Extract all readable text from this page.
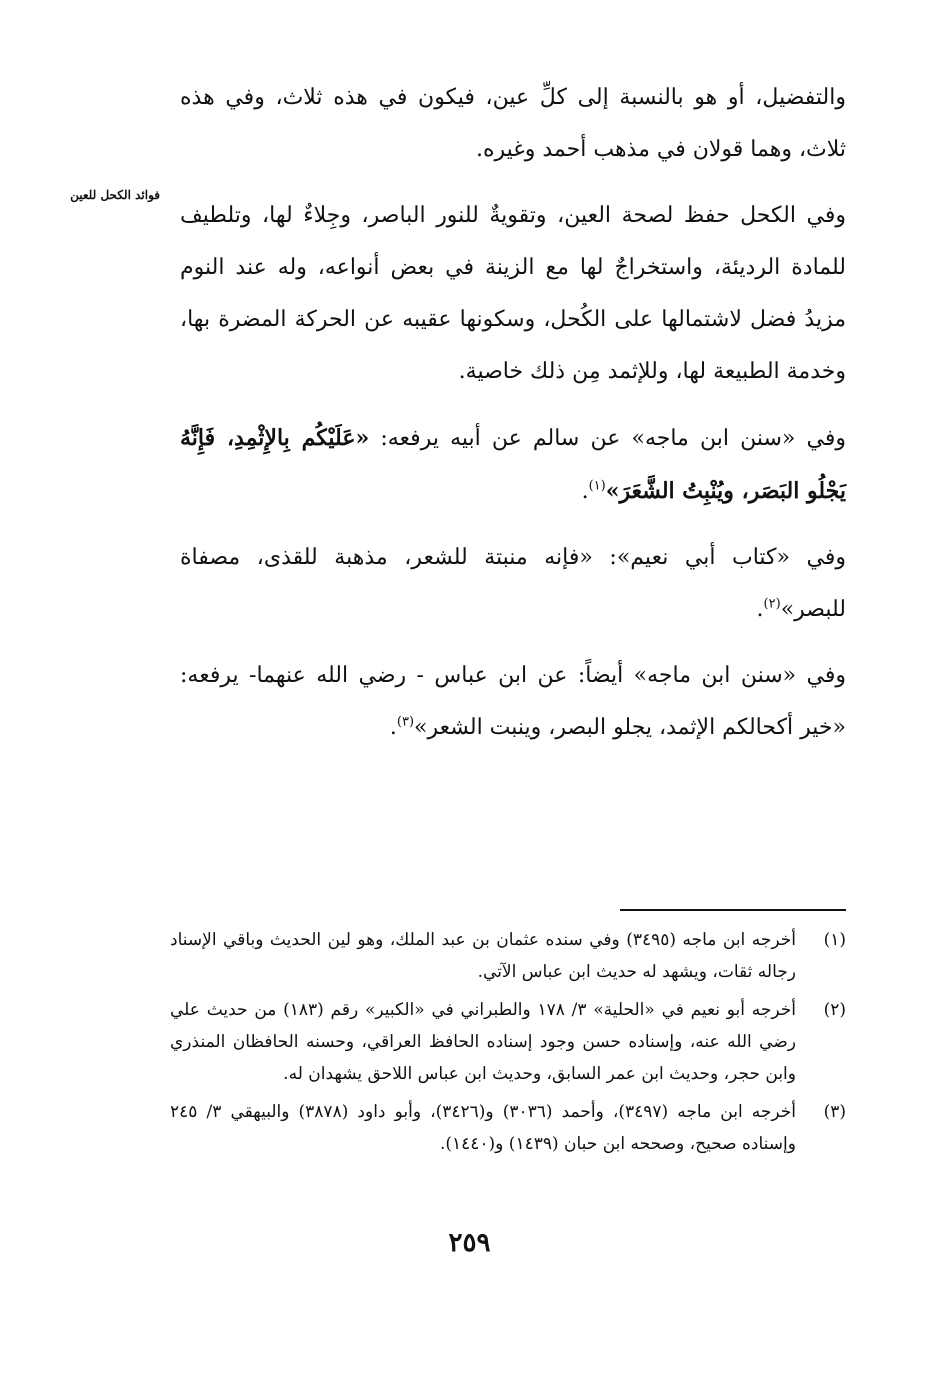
فوائد الكحل للعين

والتفضيل، أو هو بالنسبة إلى كلِّ عين، فيكون في هذه ثلاث، وفي هذه ثلاث، وهما قولان في مذهب أحمد وغيره.

وفي الكحل حفظ لصحة العين، وتقويةٌ للنور الباصر، وجِلاءٌ لها، وتلطيف للمادة الرديئة، واستخراجٌ لها مع الزينة في بعض أنواعه، وله عند النوم مزيدُ فضل لاشتمالها على الكُحل، وسكونها عقيبه عن الحركة المضرة بها، وخدمة الطبيعة لها، وللإثمد مِن ذلك خاصية.

وفي «سنن ابن ماجه» عن سالم عن أبيه يرفعه: «عَلَيْكُم بِالإِثْمِدِ، فَإِنَّهُ يَجْلُو البَصَر، ويُنْبِتُ الشَّعَرَ»$^{(١)}$.

وفي «كتاب أبي نعيم»: «فإنه منبتة للشعر، مذهبة للقذى، مصفاة للبصر»$^{(٢)}$.

وفي «سنن ابن ماجه» أيضاً: عن ابن عباس - رضي الله عنهما- يرفعه: «خير أكحالكم الإثمد، يجلو البصر، وينبت الشعر»$^{(٣)}$.

(١)

أخرجه ابن ماجه (٣٤٩٥) وفي سنده عثمان بن عبد الملك، وهو لين الحديث وباقي الإسناد رجاله ثقات، ويشهد له حديث ابن عباس الآتي.

(٢)

أخرجه أبو نعيم في «الحلية» ٣/ ١٧٨ والطبراني في «الكبير» رقم (١٨٣) من حديث علي رضي الله عنه، وإسناده حسن وجود إسناده الحافظ العراقي، وحسنه الحافظان المنذري وابن حجر، وحديث ابن عمر السابق، وحديث ابن عباس اللاحق يشهدان له.

(٣)

أخرجه ابن ماجه (٣٤٩٧)، وأحمد (٣٠٣٦) و(٣٤٢٦)، وأبو داود (٣٨٧٨) والبيهقي ٣/ ٢٤٥ وإسناده صحيح، وصححه ابن حبان (١٤٣٩) و(١٤٤٠).

٢٥٩
